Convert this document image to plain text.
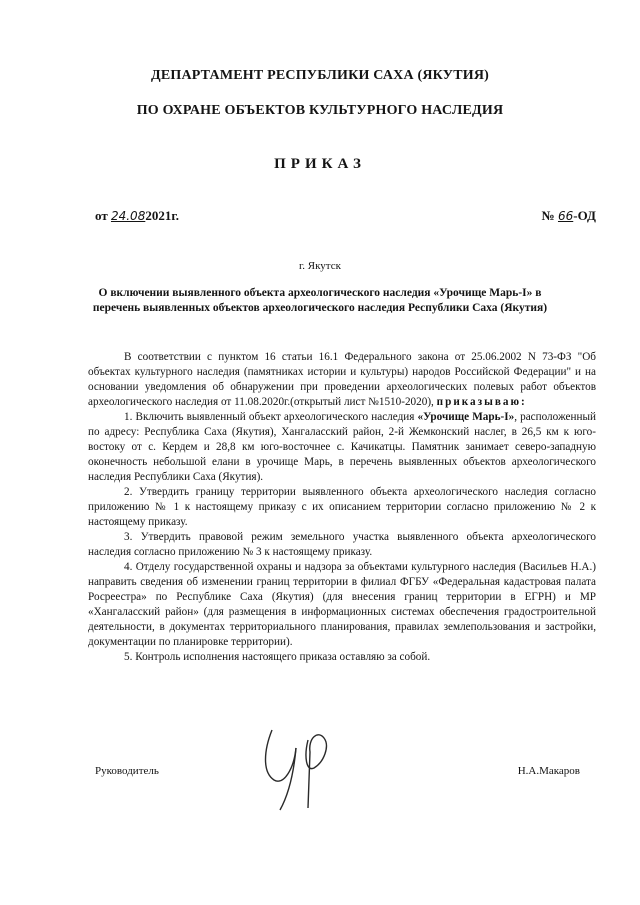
ДЕПАРТАМЕНТ РЕСПУБЛИКИ САХА (ЯКУТИЯ)
ПО ОХРАНЕ ОБЪЕКТОВ КУЛЬТУРНОГО НАСЛЕДИЯ
ПРИКАЗ
от 24.082021г.	№ 66-ОД
г. Якутск
О включении выявленного объекта археологического наследия «Урочище Марь-I» в перечень выявленных объектов археологического наследия Республики Саха (Якутия)

В соответствии с пунктом 16 статьи 16.1 Федерального закона от 25.06.2002 N 73-ФЗ "Об объектах культурного наследия (памятниках истории и культуры) народов Российской Федерации" и на основании уведомления об обнаружении при проведении археологических полевых работ объектов археологического наследия от 11.08.2020г.(открытый лист №1510-2020), приказываю:

1. Включить выявленный объект археологического наследия «Урочище Марь-I», расположенный по адресу: Республика Саха (Якутия), Хангаласский район, 2-й Жемконский наслег, в 26,5 км к юго-востоку от с. Кердем и 28,8 км юго-восточнее с. Качикатцы. Памятник занимает северо-западную оконечность небольшой елани в урочище Марь, в перечень выявленных объектов археологического наследия Республики Саха (Якутия).

2. Утвердить границу территории выявленного объекта археологического наследия согласно приложению № 1 к настоящему приказу с их описанием территории согласно приложению № 2 к настоящему приказу.

3. Утвердить правовой режим земельного участка выявленного объекта археологического наследия согласно приложению № 3 к настоящему приказу.

4. Отделу государственной охраны и надзора за объектами культурного наследия (Васильев Н.А.) направить сведения об изменении границ территории в филиал ФГБУ «Федеральная кадастровая палата Росреестра» по Республике Саха (Якутия) (для внесения границ территории в ЕГРН) и МР «Хангаласский район» (для размещения в информационных системах обеспечения градостроительной деятельности, в документах территориального планирования, правилах землепользования и застройки, документации по планировке территории).

5. Контроль исполнения настоящего приказа оставляю за собой.

Руководитель	Н.А.Макаров
